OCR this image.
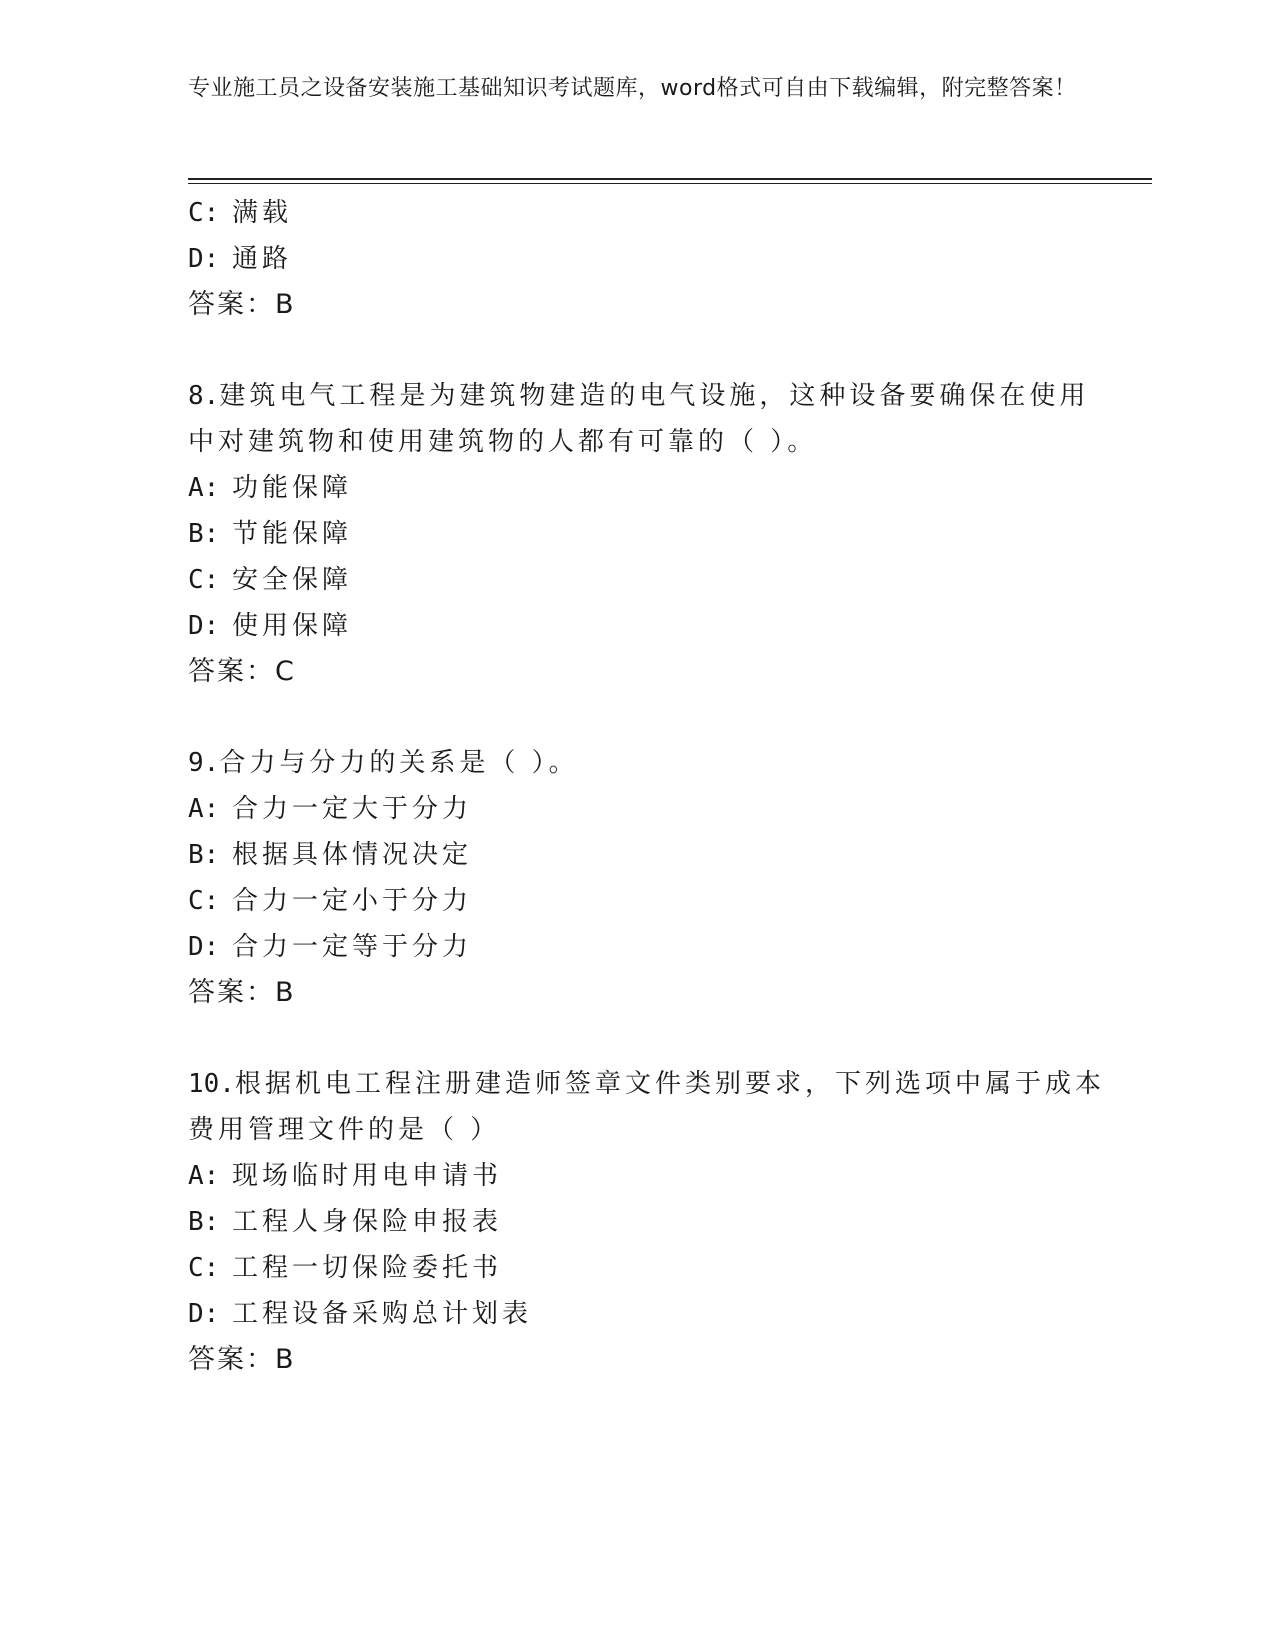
专业施工员之设备安装施工基础知识考试题库，word格式可自由下载编辑，附完整答案！
C: 满载
D: 通路
答案：B
8.建筑电气工程是为建筑物建造的电气设施，这种设备要确保在使用
中对建筑物和使用建筑物的人都有可靠的（ ）。
A: 功能保障
B: 节能保障
C: 安全保障
D: 使用保障
答案：C
9.合力与分力的关系是（ ）。
A: 合力一定大于分力
B: 根据具体情况决定
C: 合力一定小于分力
D: 合力一定等于分力
答案：B
10.根据机电工程注册建造师签章文件类别要求，下列选项中属于成本
费用管理文件的是（ ）
A: 现场临时用电申请书
B: 工程人身保险申报表
C: 工程一切保险委托书
D: 工程设备采购总计划表
答案：B
